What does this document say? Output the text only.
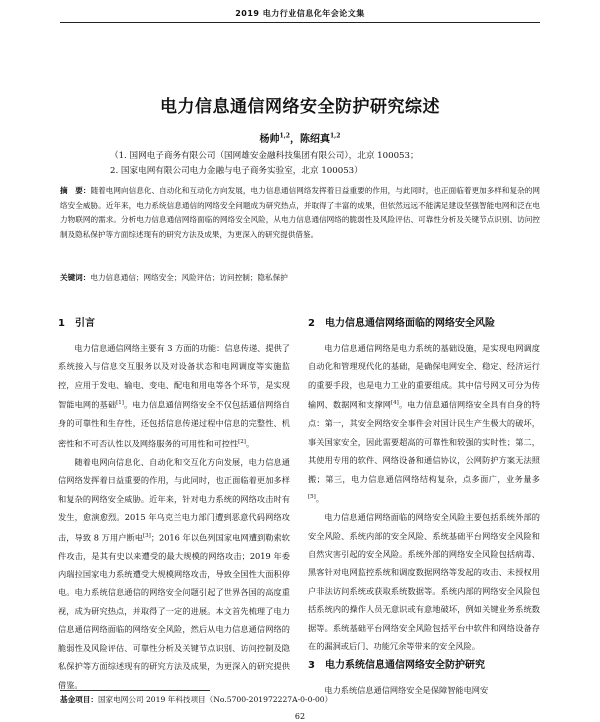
2019 电力行业信息化年会论文集
电力信息通信网络安全防护研究综述
杨帅$^{1,2}$，陈绍真$^{1,2}$
（1. 国网电子商务有限公司（国网雄安金融科技集团有限公司），北京 100053；
2. 国家电网有限公司电力金融与电子商务实验室，北京 100053）
摘　要：随着电网向信息化、自动化和互动化方向发展，电力信息通信网络发挥着日益重要的作用，与此同时，也正面临着更加多样和复杂的网络安全威胁。近年来，电力系统信息通信的网络安全问题成为研究热点，并取得了丰富的成果，但依然远远不能满足建设坚强智能电网和泛在电力物联网的需求。分析电力信息通信网络面临的网络安全风险，从电力信息通信网络的脆弱性及风险评估、可靠性分析及关键节点识别、访问控制及隐私保护等方面综述现有的研究方法及成果，为更深入的研究提供借鉴。
关键词：电力信息通信；网络安全；风险评估；访问控制；隐私保护
1　引言

电力信息通信网络主要有 3 方面的功能：信息传递、提供了系统接入与信息交互服务以及对设备状态和电网调度等实施监控，应用于发电、输电、变电、配电和用电等各个环节，是实现智能电网的基础[1]。电力信息通信网络安全不仅包括通信网络自身的可靠性和生存性，还包括信息传递过程中信息的完整性、机密性和不可否认性以及网络服务的可用性和可控性[2]。

随着电网向信息化、自动化和交互化方向发展，电力信息通信网络发挥着日益重要的作用，与此同时，也正面临着更加多样和复杂的网络安全威胁。近年来，针对电力系统的网络攻击时有发生，愈演愈烈。2015 年乌克兰电力部门遭到恶意代码网络攻击，导致 8 万用户断电[3]；2016 年以色列国家电网遭到勒索软件攻击，是其有史以来遭受的最大规模的网络攻击；2019 年委内瑞拉国家电力系统遭受大规模网络攻击，导致全国性大面积停电。电力系统信息通信的网络安全问题引起了世界各国的高度重视，成为研究热点，并取得了一定的进展。本文首先梳理了电力信息通信网络面临的网络安全风险，然后从电力信息通信网络的脆弱性及风险评估、可靠性分析及关键节点识别、访问控制及隐私保护等方面综述现有的研究方法及成果，为更深入的研究提供借鉴。

2　电力信息通信网络面临的网络安全风险

电力信息通信网络是电力系统的基础设施，是实现电网调度自动化和管理现代化的基础，是确保电网安全、稳定、经济运行的重要手段，也是电力工业的重要组成。其中信号网又可分为传输网、数据网和支撑网[4]。电力信息通信网络安全具有自身的特点：第一，其安全网络安全事件会对国计民生产生极大的破坏，事关国家安全，因此需要超高的可靠性和较强的实时性；第二，其使用专用的软件、网络设备和通信协议，公网防护方案无法照搬；第三，电力信息通信网络结构复杂，点多面广，业务量多[5]。

电力信息通信网络面临的网络安全风险主要包括系统外部的安全风险、系统内部的安全风险、系统基础平台网络安全风险和自然灾害引起的安全风险。系统外部的网络安全风险包括病毒、黑客针对电网监控系统和调度数据网络等发起的攻击、未授权用户非法访问系统或获取系统数据等。系统内部的网络安全风险包括系统内的操作人员无意识或有意地破坏，例如关键业务系统数据等。系统基础平台网络安全风险包括平台中软件和网络设备存在的漏洞或后门、功能冗余等带来的安全风险。

3　电力系统信息通信网络安全防护研究

电力系统信息通信网络安全是保障智能电网安

基金项目：国家电网公司 2019 年科技项目（No.5700-201972227A-0-0-00）
62
